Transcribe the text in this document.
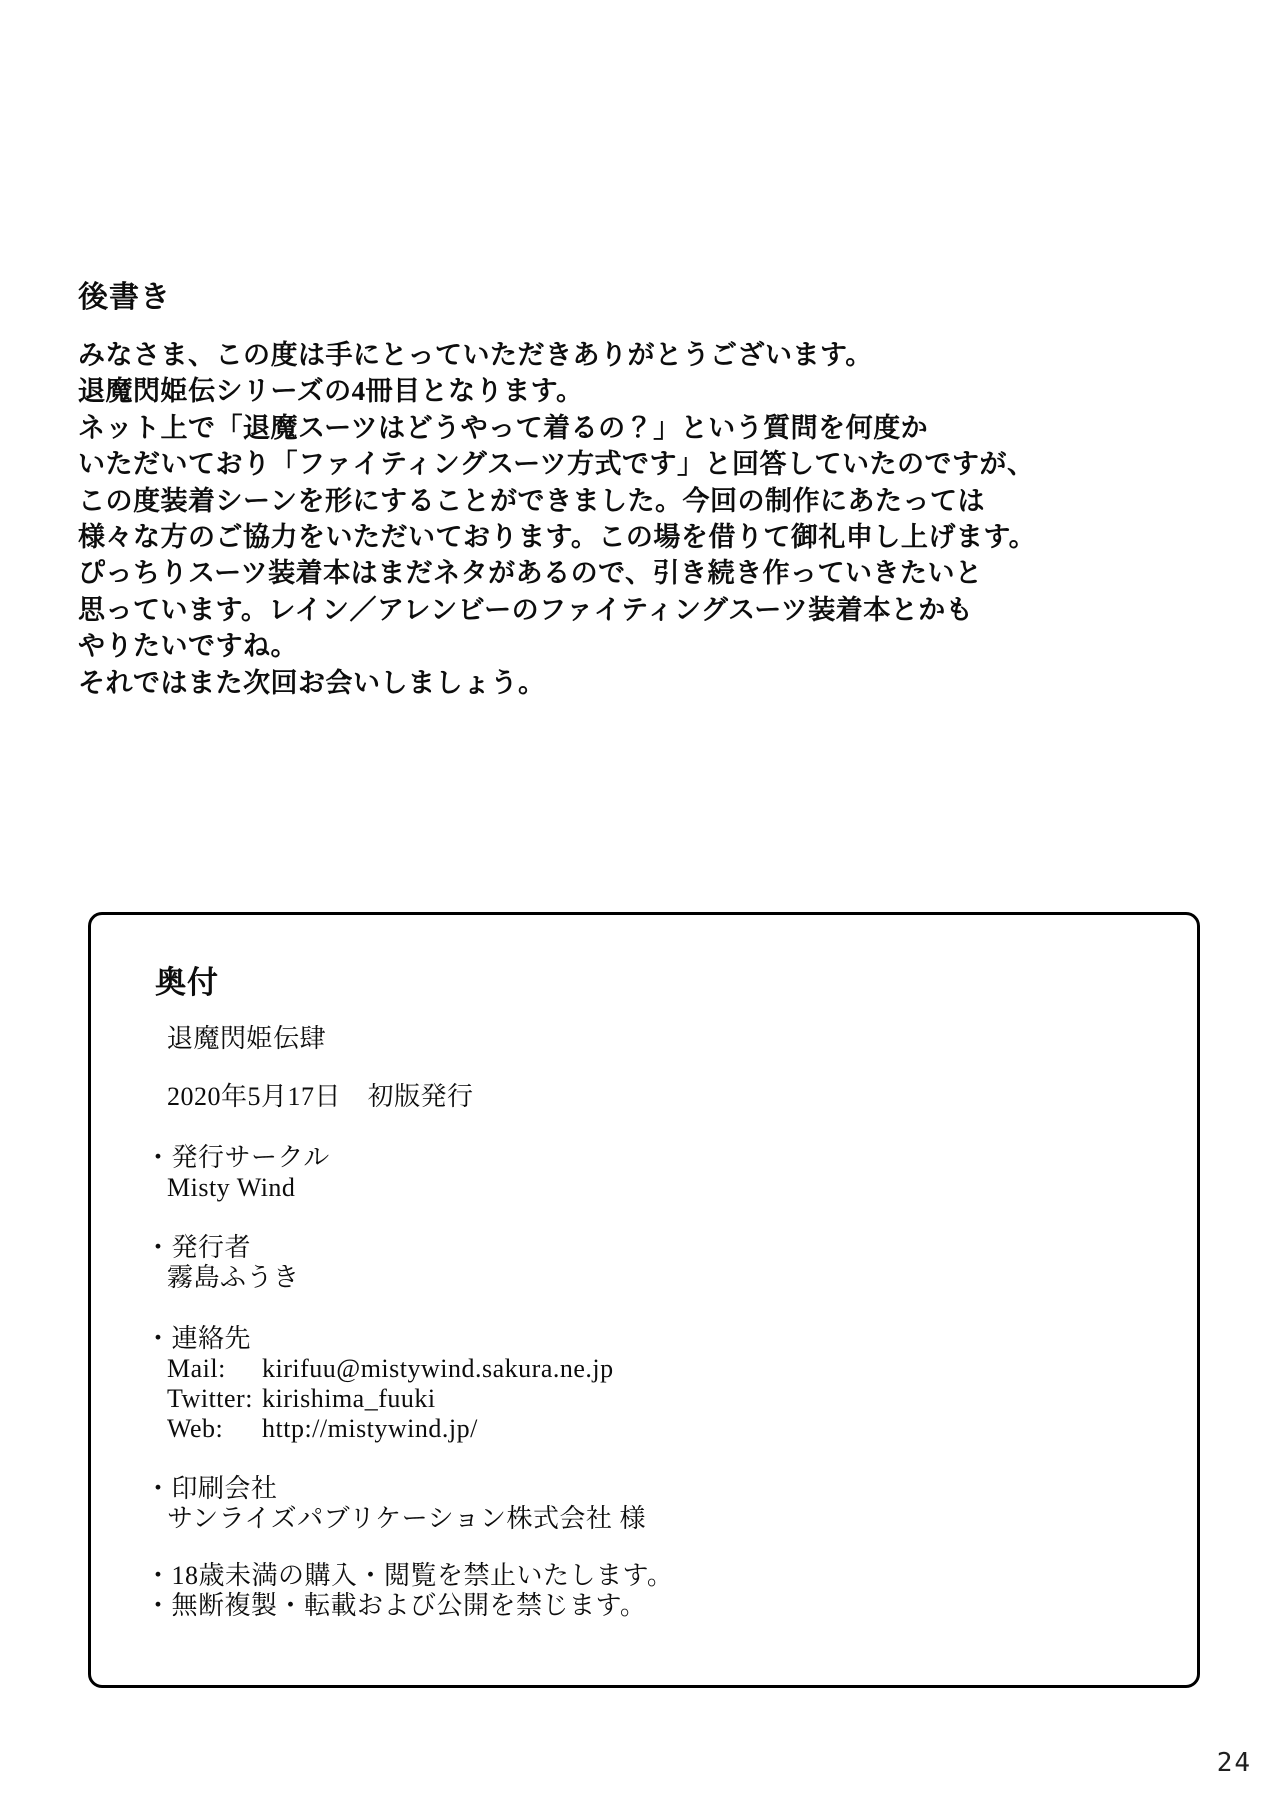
後書き
みなさま、この度は手にとっていただきありがとうございます。
退魔閃姫伝シリーズの4冊目となります。
ネット上で「退魔スーツはどうやって着るの？」という質問を何度か
いただいており「ファイティングスーツ方式です」と回答していたのですが、
この度装着シーンを形にすることができました。今回の制作にあたっては
様々な方のご協力をいただいております。この場を借りて御礼申し上げます。
ぴっちりスーツ装着本はまだネタがあるので、引き続き作っていきたいと
思っています。レイン／アレンビーのファイティングスーツ装着本とかも
やりたいですね。
それではまた次回お会いしましょう。
奥付
退魔閃姫伝肆
2020年5月17日　初版発行
・発行サークル
Misty Wind
・発行者
霧島ふうき
・連絡先
Mail: kirifuu@mistywind.sakura.ne.jp
Twitter: kirishima_fuuki
Web: http://mistywind.jp/
・印刷会社
サンライズパブリケーション株式会社 様
・18歳未満の購入・閲覧を禁止いたします。
・無断複製・転載および公開を禁じます。
24
